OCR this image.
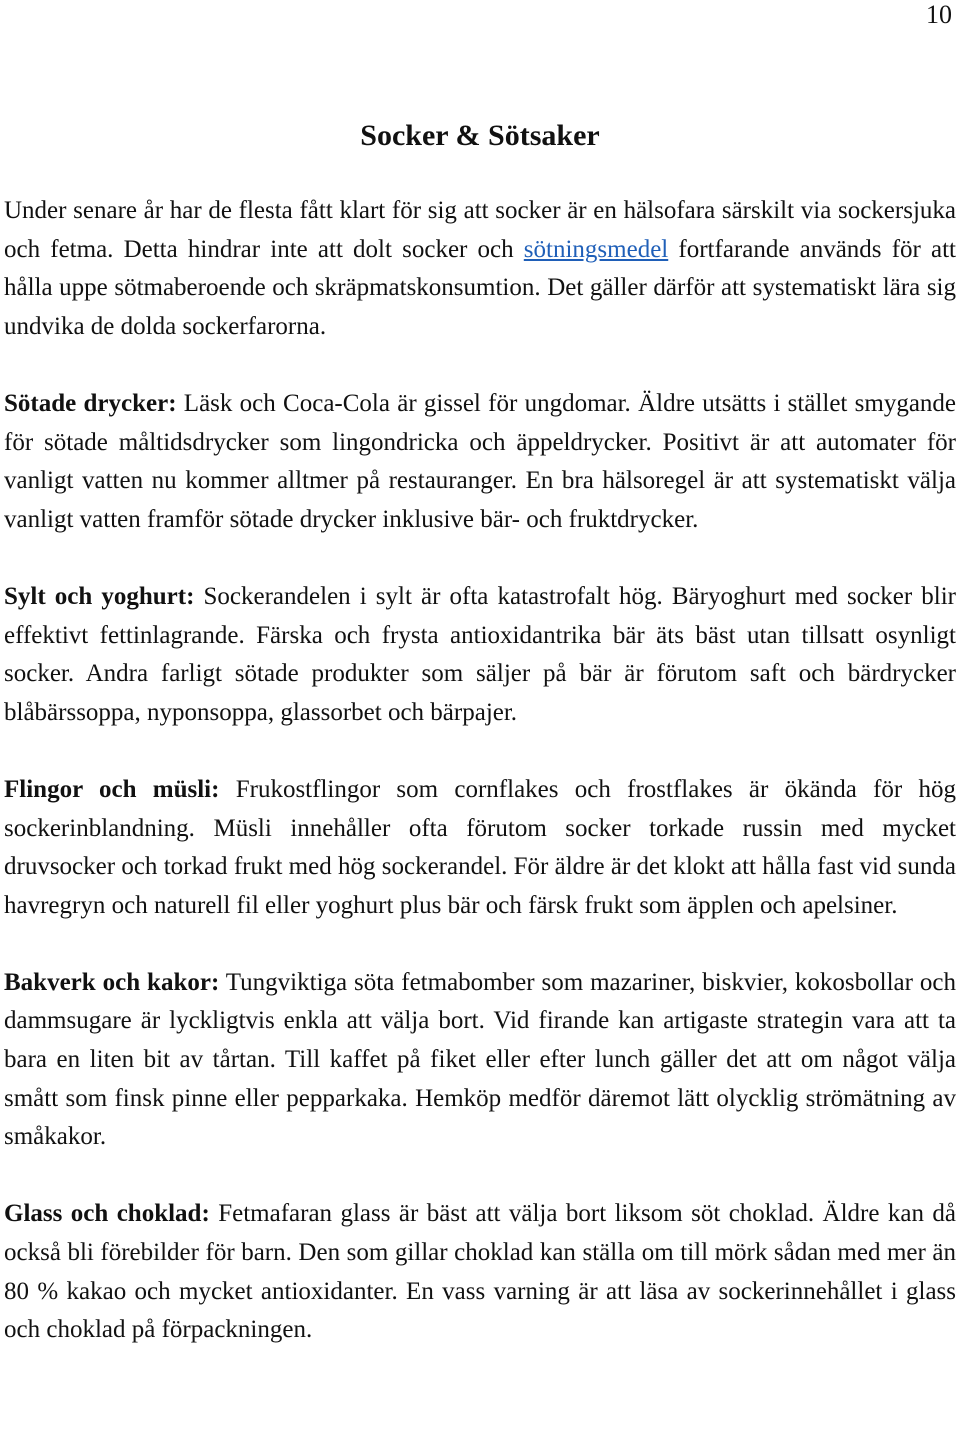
10
Socker & Sötsaker

Under senare år har de flesta fått klart för sig att socker är en hälsofara särskilt via sockersjuka och fetma. Detta hindrar inte att dolt socker och sötningsmedel fortfarande används för att hålla uppe sötmaberoende och skräpmatskonsumtion. Det gäller därför att systematiskt lära sig undvika de dolda sockerfarorna.

Sötade drycker: Läsk och Coca-Cola är gissel för ungdomar. Äldre utsätts i stället smygande för sötade måltidsdrycker som lingondricka och äppeldrycker. Positivt är att automater för vanligt vatten nu kommer alltmer på restauranger. En bra hälsoregel är att systematiskt välja vanligt vatten framför sötade drycker inklusive bär- och fruktdrycker.

Sylt och yoghurt: Sockerandelen i sylt är ofta katastrofalt hög. Bäryoghurt med socker blir effektivt fettinlagrande. Färska och frysta antioxidantrika bär äts bäst utan tillsatt osynligt socker. Andra farligt sötade produkter som säljer på bär är förutom saft och bärdrycker blåbärssoppa, nyponsoppa, glassorbet och bärpajer.

Flingor och müsli: Frukostflingor som cornflakes och frostflakes är ökända för hög sockerinblandning. Müsli innehåller ofta förutom socker torkade russin med mycket druvsocker och torkad frukt med hög sockerandel. För äldre är det klokt att hålla fast vid sunda havregryn och naturell fil eller yoghurt plus bär och färsk frukt som äpplen och apelsiner.

Bakverk och kakor: Tungviktiga söta fetmabomber som mazariner, biskvier, kokosbollar och dammsugare är lyckligtvis enkla att välja bort. Vid firande kan artigaste strategin vara att ta bara en liten bit av tårtan. Till kaffet på fiket eller efter lunch gäller det att om något välja smått som finsk pinne eller pepparkaka. Hemköp medför däremot lätt olycklig strömätning av småkakor.

Glass och choklad: Fetmafaran glass är bäst att välja bort liksom söt choklad. Äldre kan då också bli förebilder för barn. Den som gillar choklad kan ställa om till mörk sådan med mer än 80 % kakao och mycket antioxidanter. En vass varning är att läsa av sockerinnehållet i glass och choklad på förpackningen.
